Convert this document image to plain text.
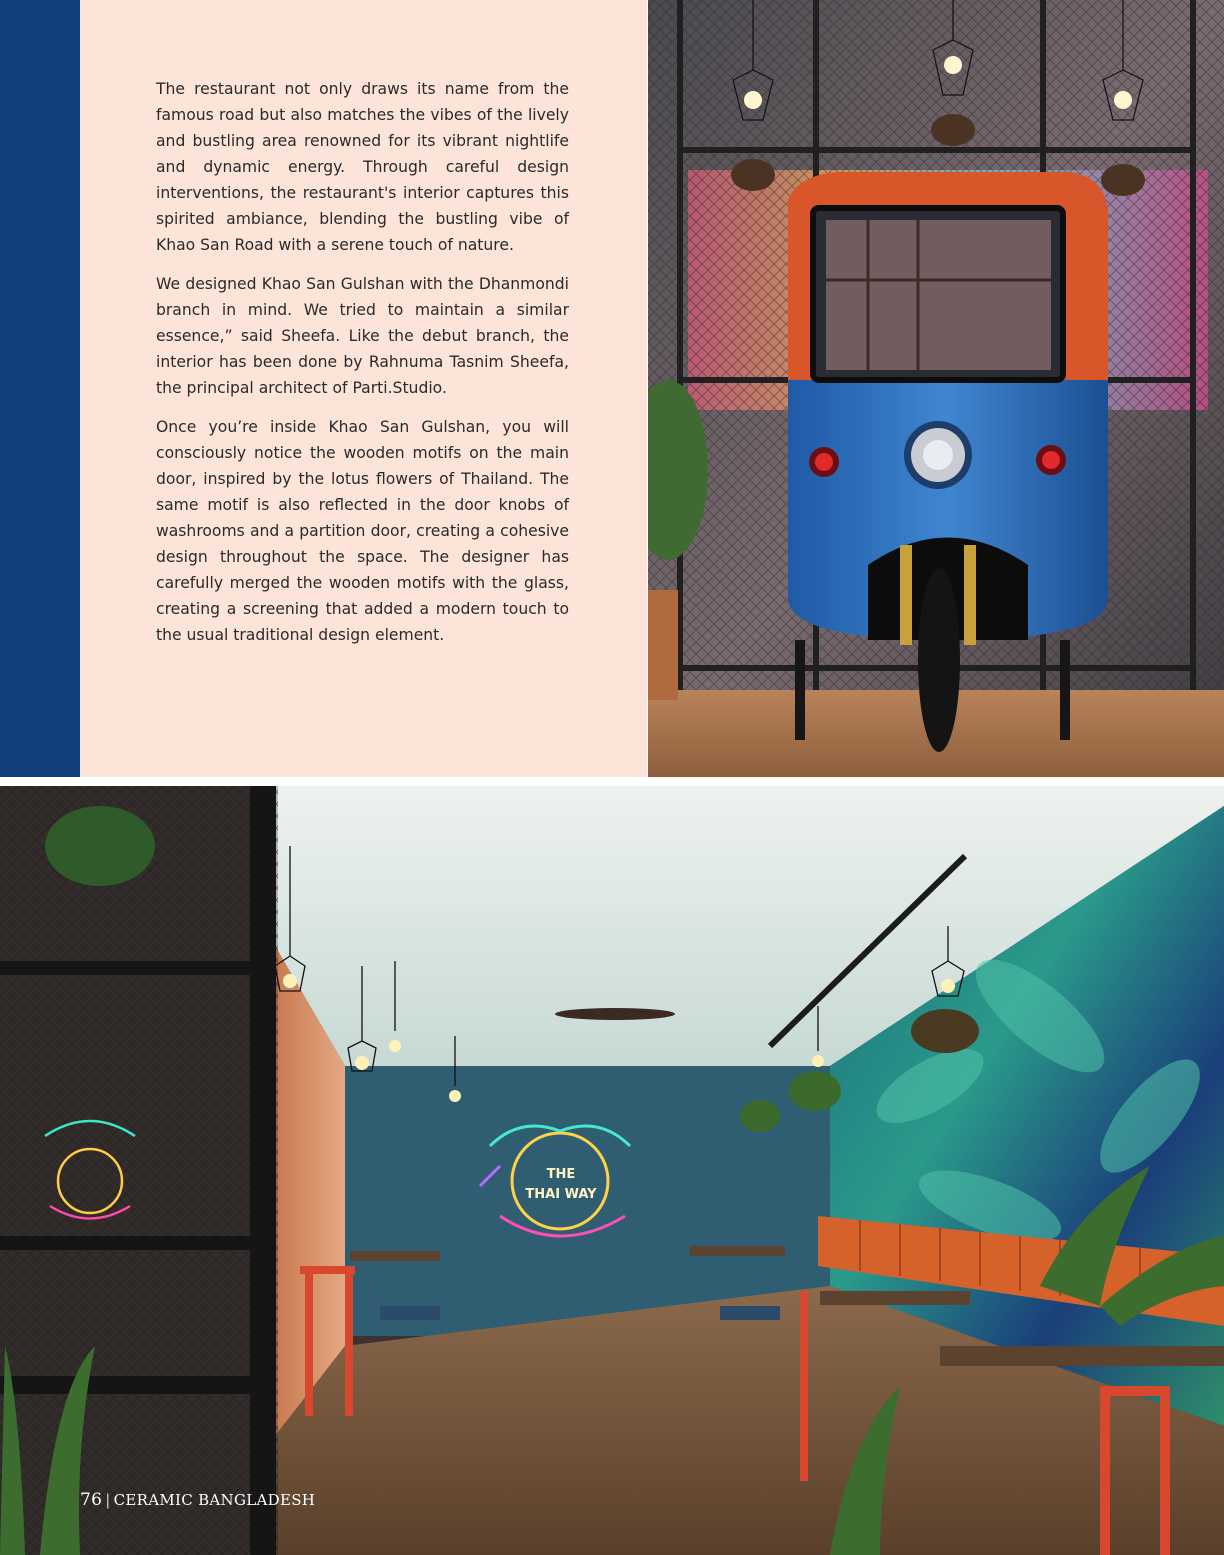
The restaurant not only draws its name from the famous road but also matches the vibes of the lively and bustling area renowned for its vibrant nightlife and dynamic energy. Through careful design interventions, the restaurant's interior captures this spirited ambiance, blending the bustling vibe of Khao San Road with a serene touch of nature.

We designed Khao San Gulshan with the Dhanmondi branch in mind. We tried to maintain a similar essence,” said Sheefa. Like the debut branch, the interior has been done by Rahnuma Tasnim Sheefa, the principal architect of Parti.Studio.

Once you’re inside Khao San Gulshan, you will consciously notice the wooden motifs on the main door, inspired by the lotus flowers of Thailand. The same motif is also reflected in the door knobs of washrooms and a partition door, creating a cohesive design throughout the space. The designer has carefully merged the wooden motifs with the glass, creating a screening that added a modern touch to the usual traditional design element.

THE
THAI WAY
76 | CERAMIC BANGLADESH
